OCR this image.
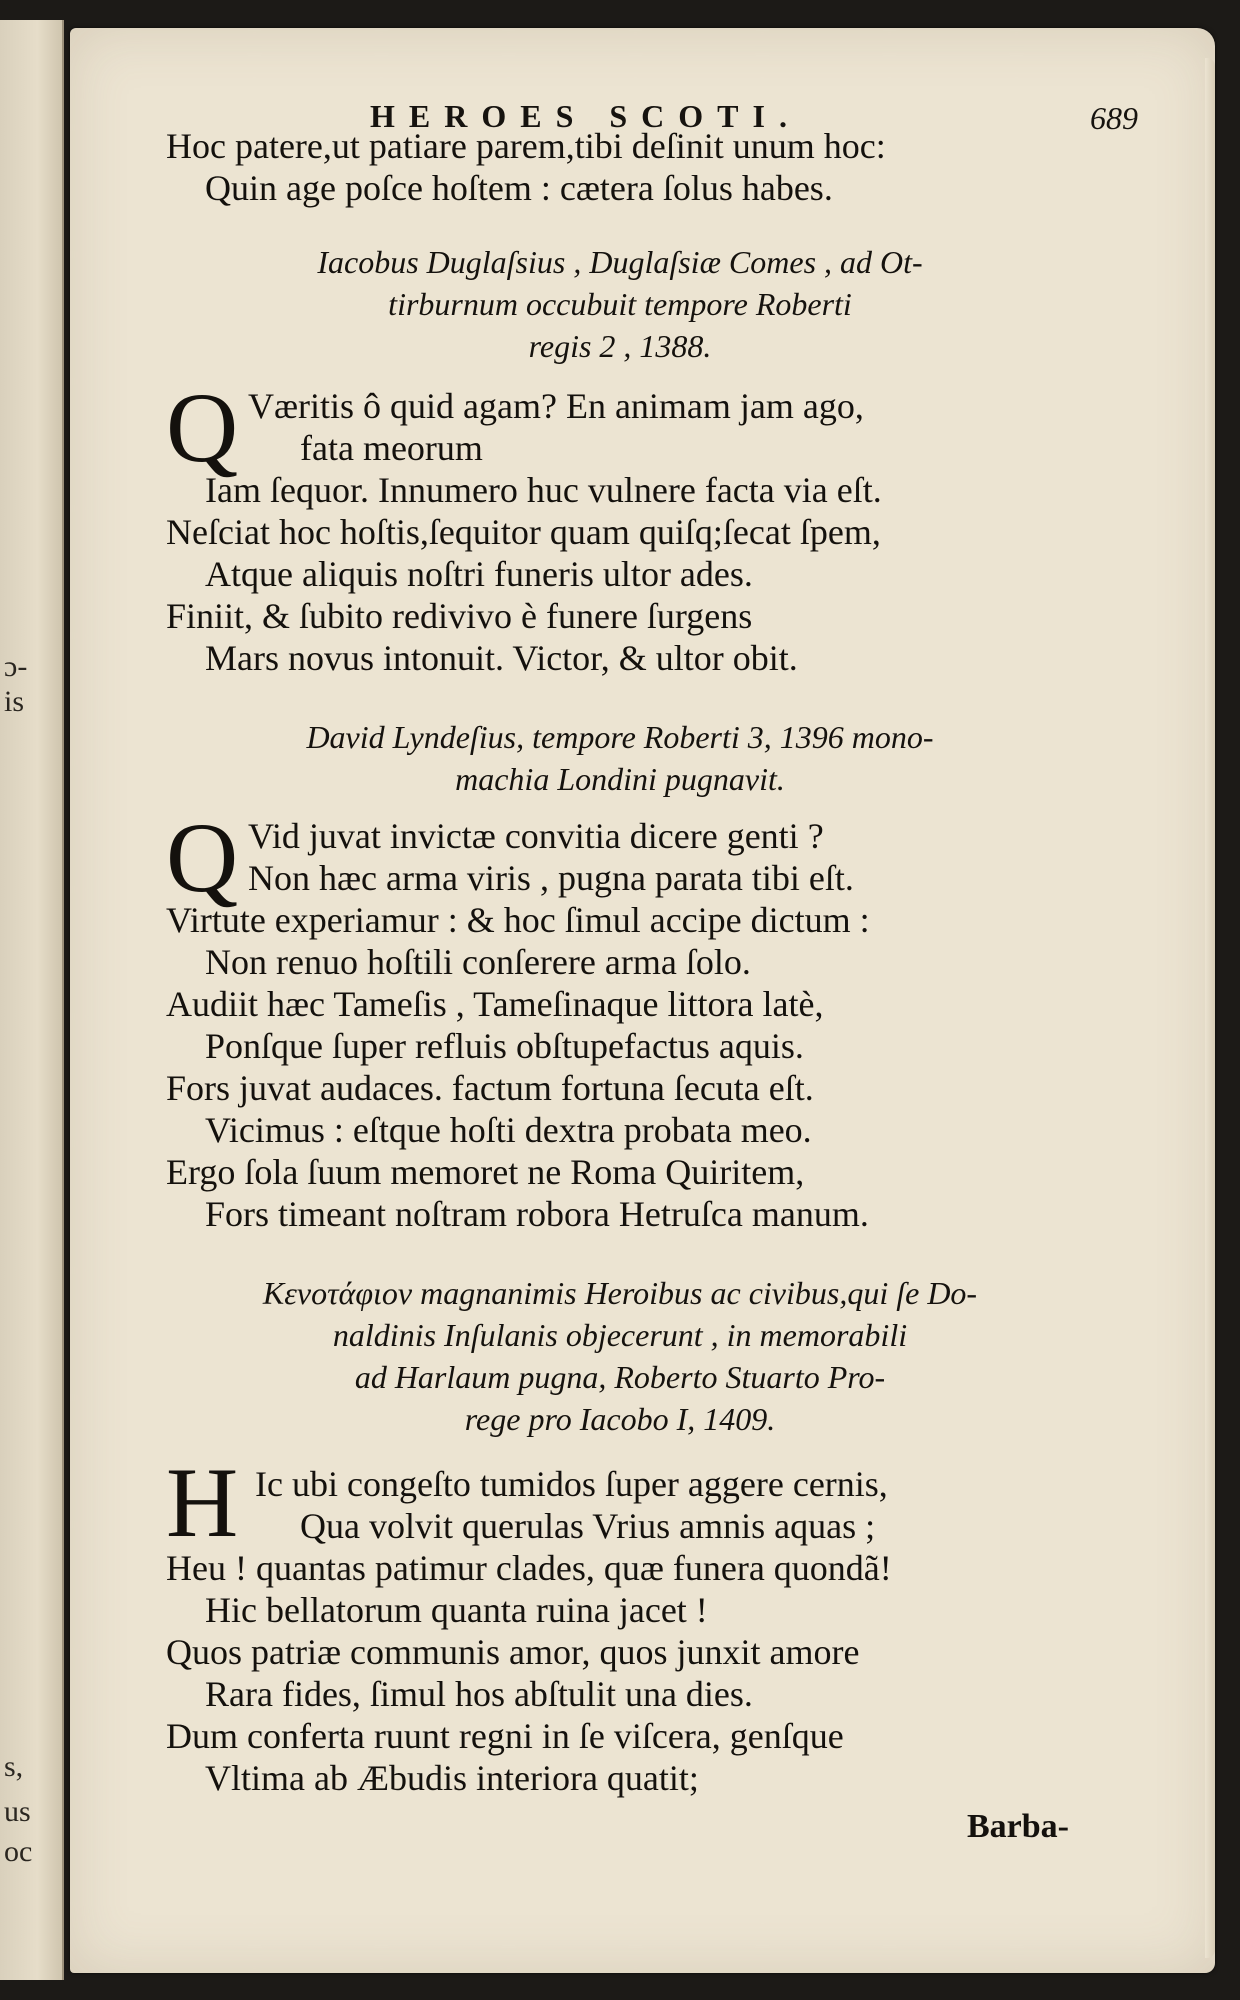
ɔ-
is
s,
us
oc
HEROES SCOTI.	689
Hoc patere,ut patiare parem,tibi deſinit unum hoc:
Quin age poſce hoſtem : cætera ſolus habes.
Iacobus Duglaſsius , Duglaſsiæ Comes , ad Ot-
tirburnum occubuit tempore Roberti
regis 2 , 1388.
Q Væritis ô quid agam? En animam jam ago,
fata meorum
Iam ſequor. Innumero huc vulnere facta via eſt.
Neſciat hoc hoſtis,ſequitor quam quiſq;ſecat ſpem,
Atque aliquis noſtri funeris ultor ades.
Finiit, & ſubito redivivo è funere ſurgens
Mars novus intonuit. Victor, & ultor obit.
David Lyndeſius, tempore Roberti 3, 1396 mono-
machia Londini pugnavit.
Q Vid juvat invictæ convitia dicere genti ?
Non hæc arma viris , pugna parata tibi eſt.
Virtute experiamur : & hoc ſimul accipe dictum :
Non renuo hoſtili conſerere arma ſolo.
Audiit hæc Tameſis , Tameſinaque littora latè,
Ponſque ſuper refluis obſtupefactus aquis.
Fors juvat audaces. factum fortuna ſecuta eſt.
Vicimus : eſtque hoſti dextra probata meo.
Ergo ſola ſuum memoret ne Roma Quiritem,
Fors timeant noſtram robora Hetruſca manum.
Κενοτάφιον magnanimis Heroibus ac civibus,qui ſe Do-
naldinis Inſulanis objecerunt , in memorabili
ad Harlaum pugna, Roberto Stuarto Pro-
rege pro Iacobo I, 1409.
H Ic ubi congeſto tumidos ſuper aggere cernis,
Qua volvit querulas Vrius amnis aquas ;
Heu ! quantas patimur clades, quæ funera quondã!
Hic bellatorum quanta ruina jacet !
Quos patriæ communis amor, quos junxit amore
Rara fides, ſimul hos abſtulit una dies.
Dum conferta ruunt regni in ſe viſcera, genſque
Vltima ab Æbudis interiora quatit;
Barba-
